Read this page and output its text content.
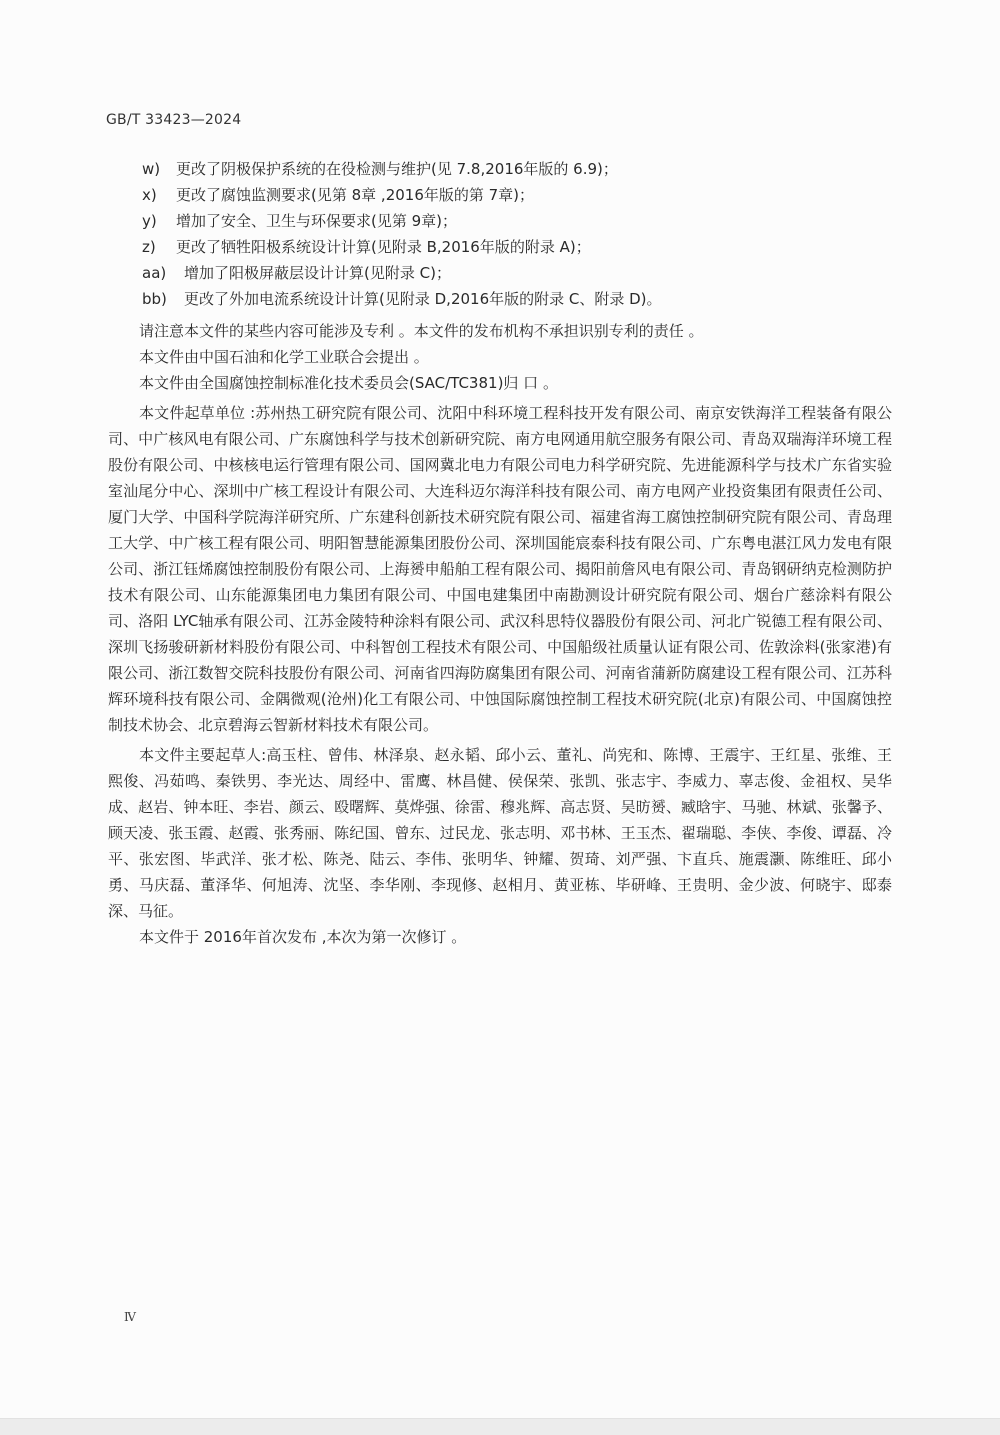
GB/T 33423—2024
w) 更改了阴极保护系统的在役检测与维护(见 7.8,2016年版的 6.9)；
x) 更改了腐蚀监测要求(见第 8章 ,2016年版的第 7章)；
y) 增加了安全、卫生与环保要求(见第 9章)；
z) 更改了牺牲阳极系统设计计算(见附录 B,2016年版的附录 A)；
aa) 增加了阳极屏蔽层设计计算(见附录 C)；
bb) 更改了外加电流系统设计计算(见附录 D,2016年版的附录 C、附录 D)。

请注意本文件的某些内容可能涉及专利 。本文件的发布机构不承担识别专利的责任 。

本文件由中国石油和化学工业联合会提出 。

本文件由全国腐蚀控制标准化技术委员会(SAC/TC381)归 口 。

本文件起草单位 :苏州热工研究院有限公司、沈阳中科环境工程科技开发有限公司、南京安铁海洋工程装备有限公司、中广核风电有限公司、广东腐蚀科学与技术创新研究院、南方电网通用航空服务有限公司、青岛双瑞海洋环境工程股份有限公司、中核核电运行管理有限公司、国网冀北电力有限公司电力科学研究院、先进能源科学与技术广东省实验室汕尾分中心、深圳中广核工程设计有限公司、大连科迈尔海洋科技有限公司、南方电网产业投资集团有限责任公司、厦门大学、中国科学院海洋研究所、广东建科创新技术研究院有限公司、福建省海工腐蚀控制研究院有限公司、青岛理工大学、中广核工程有限公司、明阳智慧能源集团股份公司、深圳国能宸泰科技有限公司、广东粤电湛江风力发电有限公司、浙江钰烯腐蚀控制股份有限公司、上海赟申船舶工程有限公司、揭阳前詹风电有限公司、青岛钢研纳克检测防护技术有限公司、山东能源集团电力集团有限公司、中国电建集团中南勘测设计研究院有限公司、烟台广慈涂料有限公司、洛阳 LYC轴承有限公司、江苏金陵特种涂料有限公司、武汉科思特仪器股份有限公司、河北广锐德工程有限公司、深圳飞扬骏研新材料股份有限公司、中科智创工程技术有限公司、中国船级社质量认证有限公司、佐敦涂料(张家港)有限公司、浙江数智交院科技股份有限公司、河南省四海防腐集团有限公司、河南省蒲新防腐建设工程有限公司、江苏科辉环境科技有限公司、金隅微观(沧州)化工有限公司、中蚀国际腐蚀控制工程技术研究院(北京)有限公司、中国腐蚀控制技术协会、北京碧海云智新材料技术有限公司。

本文件主要起草人:高玉柱、曾伟、林泽泉、赵永韬、邱小云、董礼、尚宪和、陈博、王震宇、王红星、张维、王熙俊、冯茹鸣、秦铁男、李光达、周经中、雷鹰、林昌健、侯保荣、张凯、张志宇、李威力、辜志俊、金祖权、吴华成、赵岩、钟本旺、李岩、颜云、殴曙辉、莫烨强、徐雷、穆兆辉、高志贤、吴昉赟、臧晗宇、马驰、林斌、张馨予、顾天凌、张玉霞、赵霞、张秀丽、陈纪国、曾东、过民龙、张志明、邓书林、王玉杰、翟瑞聪、李侠、李俊、谭磊、冷平、张宏图、毕武洋、张才松、陈尧、陆云、李伟、张明华、钟耀、贺琦、刘严强、卞直兵、施震灏、陈维旺、邱小勇、马庆磊、董泽华、何旭涛、沈坚、李华刚、李现修、赵相月、黄亚栋、毕研峰、王贵明、金少波、何晓宇、邸泰深、马征。

本文件于 2016年首次发布 ,本次为第一次修订 。

Ⅳ
